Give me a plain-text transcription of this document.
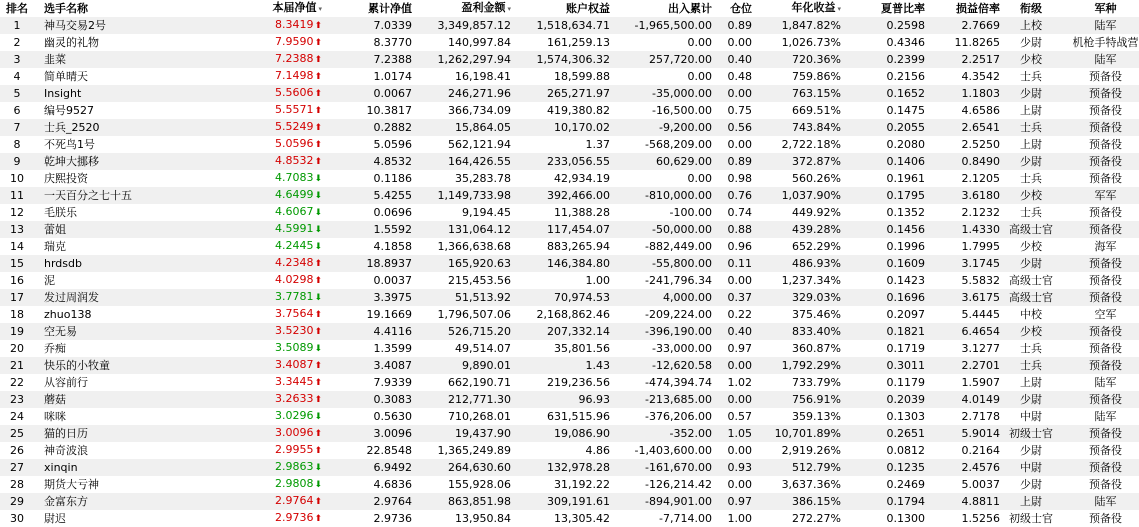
排名	选手名称	本届净值 ▾	累计净值	盈利金额 ▾	账户权益	出入累计	仓位	年化收益 ▾	夏普比率	损益倍率	衔级	军种
1	神马交易2号	8.3419⬆	7.0339	3,349,857.12	1,518,634.71	-1,965,500.00	0.89	1,847.82%	0.2598	2.7669	上校	陆军
2	幽灵的礼物	7.9590⬆	8.3770	140,997.84	161,259.13	0.00	0.00	1,026.73%	0.4346	11.8265	少尉	机枪手特战营
3	韭菜	7.2388⬆	7.2388	1,262,297.94	1,574,306.32	257,720.00	0.40	720.36%	0.2399	2.2517	少校	陆军
4	简单晴天	7.1498⬆	1.0174	16,198.41	18,599.88	0.00	0.48	759.86%	0.2156	4.3542	士兵	预备役
5	Insight	5.5606⬆	0.0067	246,271.96	265,271.97	-35,000.00	0.00	763.15%	0.1652	1.1803	少尉	预备役
6	编号9527	5.5571⬆	10.3817	366,734.09	419,380.82	-16,500.00	0.75	669.51%	0.1475	4.6586	上尉	预备役
7	士兵_2520	5.5249⬆	0.2882	15,864.05	10,170.02	-9,200.00	0.56	743.84%	0.2055	2.6541	士兵	预备役
8	不死鸟1号	5.0596⬆	5.0596	562,121.94	1.37	-568,209.00	0.00	2,722.18%	0.2080	2.5250	上尉	预备役
9	乾坤大挪移	4.8532⬆	4.8532	164,426.55	233,056.55	60,629.00	0.89	372.87%	0.1406	0.8490	少尉	预备役
10	庆熙投资	4.7083⬇	0.1186	35,283.78	42,934.19	0.00	0.98	560.26%	0.1961	2.1205	士兵	预备役
11	一天百分之七十五	4.6499⬇	5.4255	1,149,733.98	392,466.00	-810,000.00	0.76	1,037.90%	0.1795	3.6180	少校	军军
12	毛朕乐	4.6067⬇	0.0696	9,194.45	11,388.28	-100.00	0.74	449.92%	0.1352	2.1232	士兵	预备役
13	蕾姐	4.5991⬇	1.5592	131,064.12	117,454.07	-50,000.00	0.88	439.28%	0.1456	1.4330	高级士官	预备役
14	瑞克	4.2445⬇	4.1858	1,366,638.68	883,265.94	-882,449.00	0.96	652.29%	0.1996	1.7995	少校	海军
15	hrdsdb	4.2348⬆	18.8937	165,920.63	146,384.80	-55,800.00	0.11	486.93%	0.1609	3.1745	少尉	预备役
16	泥	4.0298⬆	0.0037	215,453.56	1.00	-241,796.34	0.00	1,237.34%	0.1423	5.5832	高级士官	预备役
17	发过周润发	3.7781⬇	3.3975	51,513.92	70,974.53	4,000.00	0.37	329.03%	0.1696	3.6175	高级士官	预备役
18	zhuo138	3.7564⬆	19.1669	1,796,507.06	2,168,862.46	-209,224.00	0.22	375.46%	0.2097	5.4445	中校	空军
19	空无易	3.5230⬆	4.4116	526,715.20	207,332.14	-396,190.00	0.40	833.40%	0.1821	6.4654	少校	预备役
20	乔痴	3.5089⬇	1.3599	49,514.07	35,801.56	-33,000.00	0.97	360.87%	0.1719	3.1277	士兵	预备役
21	快乐的小牧童	3.4087⬆	3.4087	9,890.01	1.43	-12,620.58	0.00	1,792.29%	0.3011	2.2701	士兵	预备役
22	从容前行	3.3445⬆	7.9339	662,190.71	219,236.56	-474,394.74	1.02	733.79%	0.1179	1.5907	上尉	陆军
23	蘑菇	3.2633⬆	0.3083	212,771.30	96.93	-213,685.00	0.00	756.91%	0.2039	4.0149	少尉	预备役
24	咪咪	3.0296⬇	0.5630	710,268.01	631,515.96	-376,206.00	0.57	359.13%	0.1303	2.7178	中尉	陆军
25	猫的日历	3.0096⬆	3.0096	19,437.90	19,086.90	-352.00	1.05	10,701.89%	0.2651	5.9014	初级士官	预备役
26	神奇波浪	2.9955⬆	22.8548	1,365,249.89	4.86	-1,403,600.00	0.00	2,919.26%	0.0812	0.2164	少尉	预备役
27	xinqin	2.9863⬇	6.9492	264,630.60	132,978.28	-161,670.00	0.93	512.79%	0.1235	2.4576	中尉	预备役
28	期货大亏神	2.9808⬇	4.6836	155,928.06	31,192.22	-126,214.42	0.00	3,637.36%	0.2469	5.0037	少尉	预备役
29	金富东方	2.9764⬆	2.9764	863,851.98	309,191.61	-894,901.00	0.97	386.15%	0.1794	4.8811	上尉	陆军
30	尉迟	2.9736⬆	2.9736	13,950.84	13,305.42	-7,714.00	1.00	272.27%	0.1300	1.5256	初级士官	预备役
